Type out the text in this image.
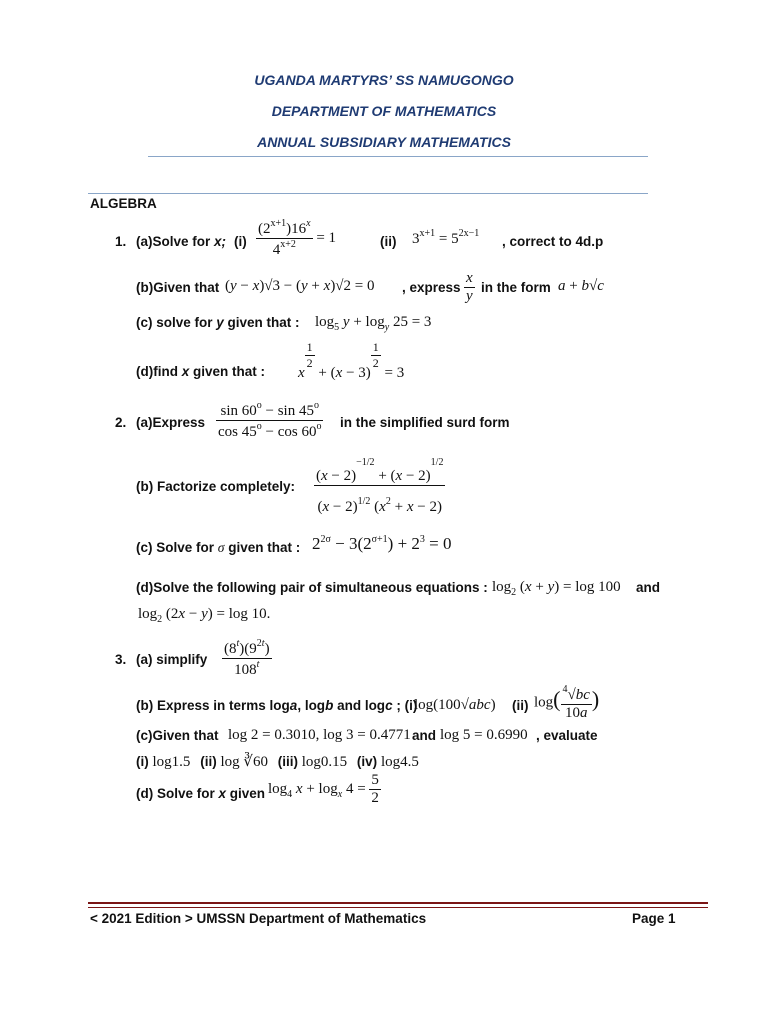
UGANDA MARTYRS’ SS NAMUGONGO
DEPARTMENT OF MATHEMATICS
ANNUAL SUBSIDIARY MATHEMATICS
ALGEBRA
1. (a)Solve for x; $(i) \frac{(2^{x+1})16^x}{4^{x+2}} = 1$	(ii) $3^{x+1} = 5^{2x-1}$
, correct to 4d.p
(b)Given that (y − x)√3 − (y + x)√2 = 0 , express $\frac{x}{y}$ in the form a + b√c
(c) solve for y given that : $\log_5 y + \log_y 25 = 3$
(d)find x given that : x
$\frac{1}{2}$
+ (x − 3)
$\frac{1}{2}$
= 3
2. (a)Express $\frac{\sin 60^o - \sin 45^o}{\cos 45^o - \cos 60^o}$ in the simplified surd form
(b) Factorize completely: $\frac{(x - 2)^{-1/2} + (x - 2)^{1/2}}{(x - 2)^{1/2} (x^2 + x - 2)}$
(c) Solve for σ given that : $2^{2\sigma} - 3(2^{\sigma+1}) + 2^3 = 0$
(d)Solve the following pair of simultaneous equations : $\log_2 (x + y) = \log 100$ and
$\log_2 (2x - y) = \log 10$.
3. (a) simplify $\frac{(8^t)(9^{2t})}{108^t}$
(b) Express in terms loga, logb and logc ; (i)
log(100√abc) (ii) $\log( \frac{^4√bc}{10a}$ )
(c)Given that log 2 = 0.3010, log 3 = 0.4771 and log 5 = 0.6990 , evaluate
(i) log1.5 (ii) log ∛60 (iii) log0.15 (iv) log4.5
(d) Solve for x given $\log_4 x + \log_x 4 = \frac{5}{2}$
< 2021 Edition > UMSSN Department of Mathematics	Page 1
